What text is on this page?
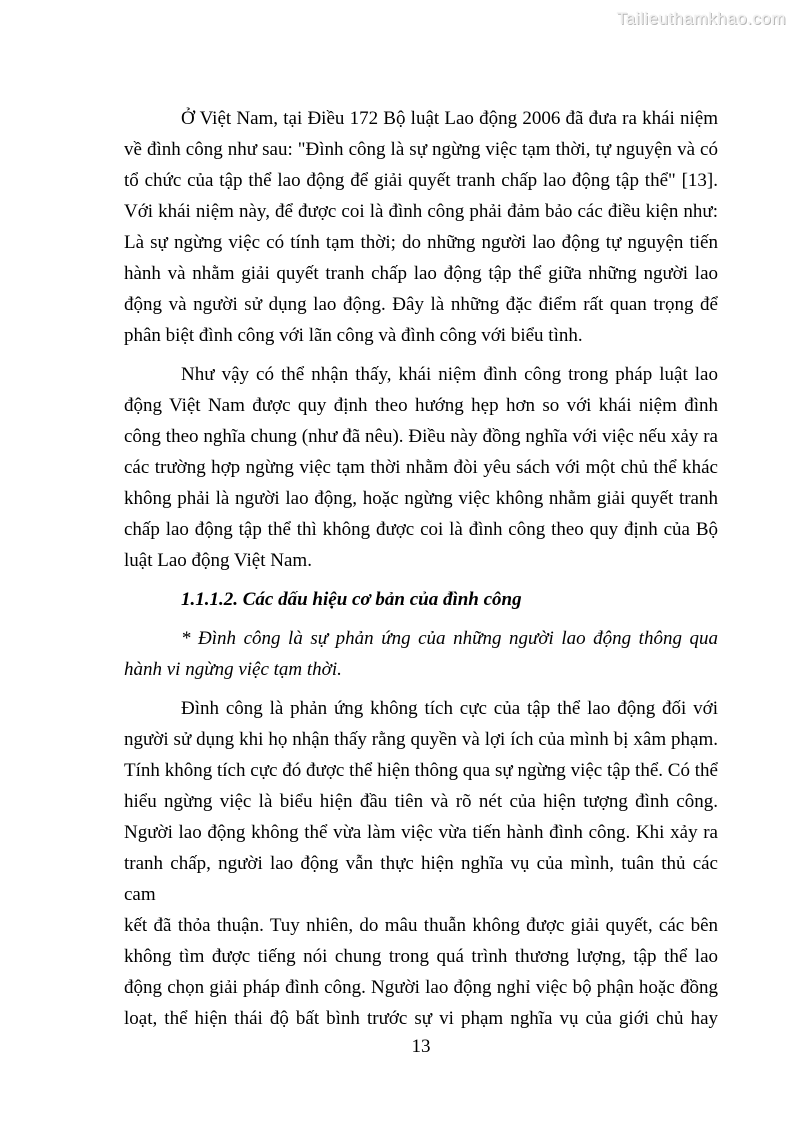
Tailieuthamkhao.com
Ở Việt Nam, tại Điều 172 Bộ luật Lao động 2006 đã đưa ra khái niệm
về đình công như sau: "Đình công là sự ngừng việc tạm thời, tự nguyện và có
tổ chức của tập thể lao động để giải quyết tranh chấp lao động tập thể" [13].
Với khái niệm này, để được coi là đình công phải đảm bảo các điều kiện như:
Là sự ngừng việc có tính tạm thời; do những người lao động tự nguyện tiến
hành và nhằm giải quyết tranh chấp lao động tập thể giữa những người lao
động và người sử dụng lao động. Đây là những đặc điểm rất quan trọng để
phân biệt đình công với lãn công và đình công với biểu tình.
Như vậy có thể nhận thấy, khái niệm đình công trong pháp luật lao
động Việt Nam được quy định theo hướng hẹp hơn so với khái niệm đình
công theo nghĩa chung (như đã nêu). Điều này đồng nghĩa với việc nếu xảy ra
các trường hợp ngừng việc tạm thời nhằm đòi yêu sách với một chủ thể khác
không phải là người lao động, hoặc ngừng việc không nhằm giải quyết tranh
chấp lao động tập thể thì không được coi là đình công theo quy định của Bộ
luật Lao động Việt Nam.
1.1.1.2. Các dấu hiệu cơ bản của đình công
* Đình công là sự phản ứng của những người lao động thông qua
hành vi ngừng việc tạm thời.
Đình công là phản ứng không tích cực của tập thể lao động đối với
người sử dụng khi họ nhận thấy rằng quyền và lợi ích của mình bị xâm phạm.
Tính không tích cực đó được thể hiện thông qua sự ngừng việc tập thể. Có thể
hiểu ngừng việc là biểu hiện đầu tiên và rõ nét của hiện tượng đình công.
Người lao động không thể vừa làm việc vừa tiến hành đình công. Khi xảy ra
tranh chấp, người lao động vẫn thực hiện nghĩa vụ của mình, tuân thủ các cam
kết đã thỏa thuận. Tuy nhiên, do mâu thuẫn không được giải quyết, các bên
không tìm được tiếng nói chung trong quá trình thương lượng, tập thể lao
động chọn giải pháp đình công. Người lao động nghỉ việc bộ phận hoặc đồng
loạt, thể hiện thái độ bất bình trước sự vi phạm nghĩa vụ của giới chủ hay
13
